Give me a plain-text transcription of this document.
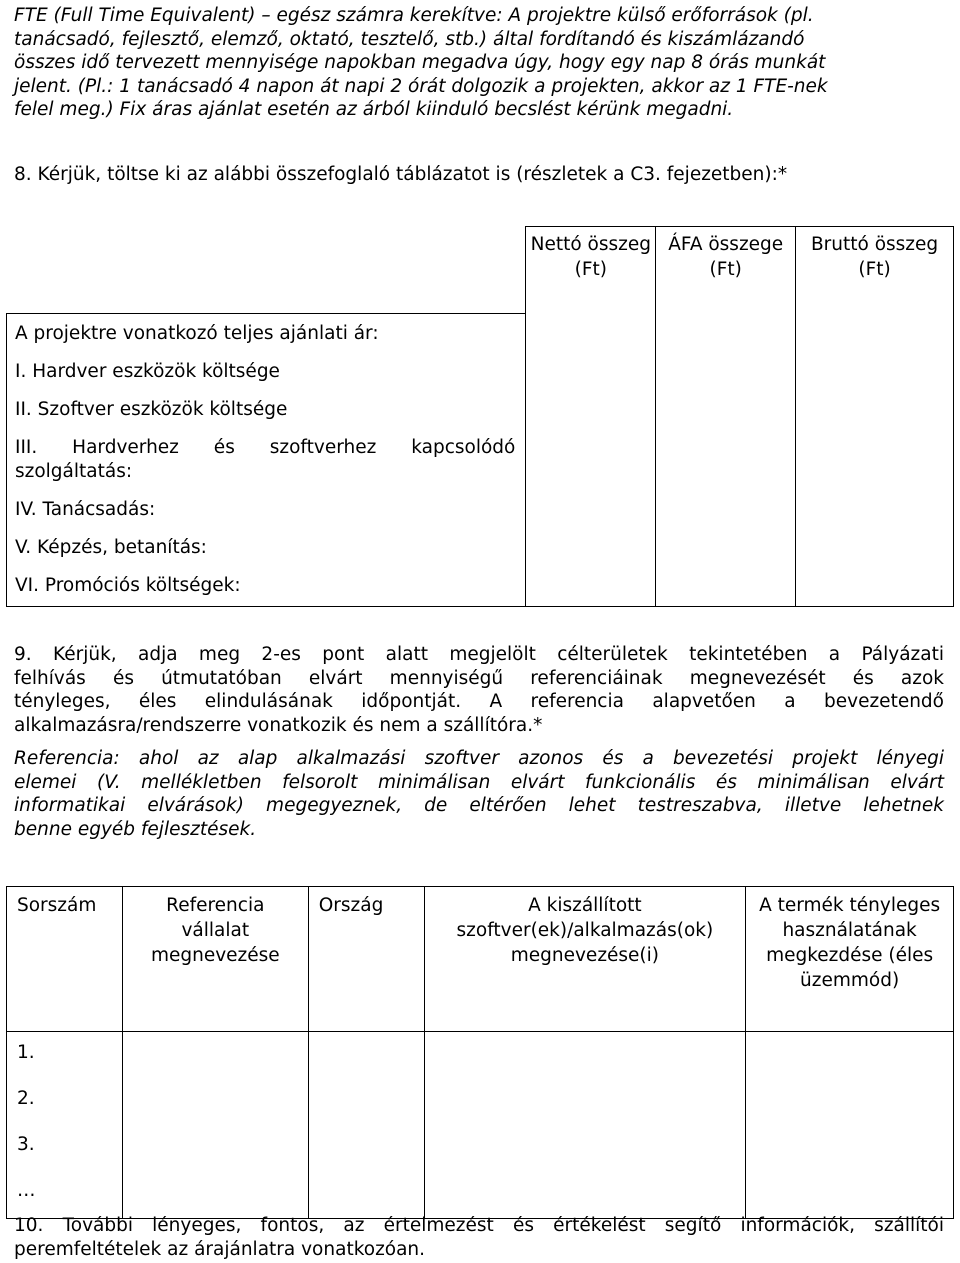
FTE (Full Time Equivalent) – egész számra kerekítve: A projektre külső erőforrások (pl.
tanácsadó, fejlesztő, elemző, oktató, tesztelő, stb.) által fordítandó és kiszámlázandó
összes idő tervezett mennyisége napokban megadva úgy, hogy egy nap 8 órás munkát
jelent. (Pl.: 1 tanácsadó 4 napon át napi 2 órát dolgozik a projekten, akkor az 1 FTE-nek
felel meg.) Fix áras ajánlat esetén az árból kiinduló becslést kérünk megadni.
8. Kérjük, töltse ki az alábbi összefoglaló táblázatot is (részletek a C3. fejezetben):*
	Nettó összeg (Ft)	ÁFA összege (Ft)	Bruttó összeg (Ft)
A projektre vonatkozó teljes ajánlati ár:			
I. Hardver eszközök költsége			
II. Szoftver eszközök költsége			
III. Hardverhez és szoftverhez kapcsolódó szolgáltatás:			
IV. Tanácsadás:			
V. Képzés, betanítás:			
VI. Promóciós költségek:			
9. Kérjük, adja meg 2-es pont alatt megjelölt célterületek tekintetében a Pályázati
felhívás és útmutatóban elvárt mennyiségű referenciáinak megnevezését és azok
tényleges, éles elindulásának időpontját. A referencia alapvetően a bevezetendő
alkalmazásra/rendszerre vonatkozik és nem a szállítóra.*
Referencia: ahol az alap alkalmazási szoftver azonos és a bevezetési projekt lényegi
elemei (V. mellékletben felsorolt minimálisan elvárt funkcionális és minimálisan elvárt
informatikai elvárások) megegyeznek, de eltérően lehet testreszabva, illetve lehetnek
benne egyéb fejlesztések.
Sorszám	Referencia vállalat megnevezése	Ország	A kiszállított szoftver(ek)/alkalmazás(ok) megnevezése(i)	A termék tényleges használatának megkezdése (éles üzemmód)
1.				
2.				
3.				
…				
10. További lényeges, fontos, az értelmezést és értékelést segítő információk, szállítói
peremfeltételek az árajánlatra vonatkozóan.
